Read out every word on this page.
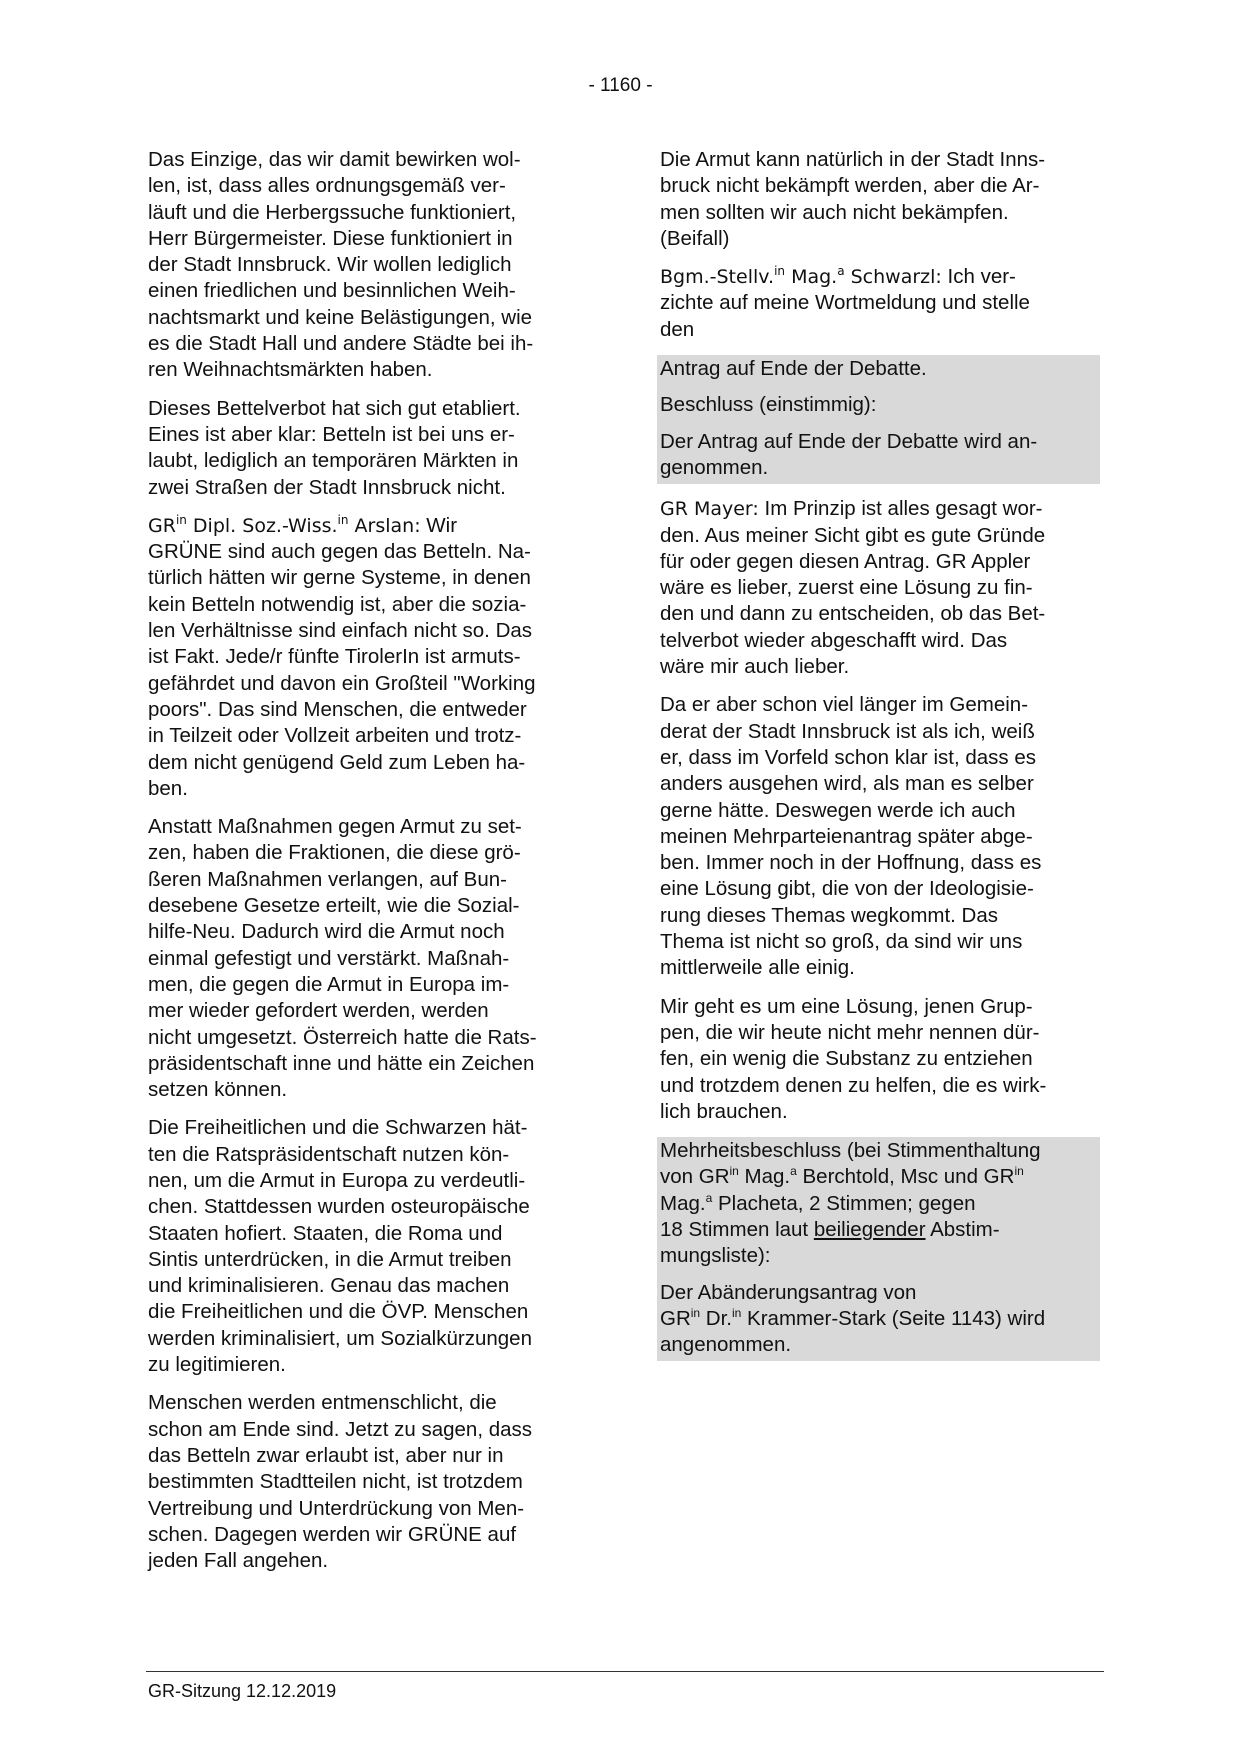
- 1160 -

Das Einzige, das wir damit bewirken wol-
len, ist, dass alles ordnungsgemäß ver-
läuft und die Herbergssuche funktioniert,
Herr Bürgermeister. Diese funktioniert in
der Stadt Innsbruck. Wir wollen lediglich
einen friedlichen und besinnlichen Weih-
nachtsmarkt und keine Belästigungen, wie
es die Stadt Hall und andere Städte bei ih-
ren Weihnachtsmärkten haben.

Dieses Bettelverbot hat sich gut etabliert.
Eines ist aber klar: Betteln ist bei uns er-
laubt, lediglich an temporären Märkten in
zwei Straßen der Stadt Innsbruck nicht.

$GR^{in}$ Dipl. Soz.-Wiss.$^{in}$ Arslan: Wir
GRÜNE sind auch gegen das Betteln. Na-
türlich hätten wir gerne Systeme, in denen
kein Betteln notwendig ist, aber die sozia-
len Verhältnisse sind einfach nicht so. Das
ist Fakt. Jede/r fünfte TirolerIn ist armuts-
gefährdet und davon ein Großteil "Working
poors". Das sind Menschen, die entweder
in Teilzeit oder Vollzeit arbeiten und trotz-
dem nicht genügend Geld zum Leben ha-
ben.

Anstatt Maßnahmen gegen Armut zu set-
zen, haben die Fraktionen, die diese grö-
ßeren Maßnahmen verlangen, auf Bun-
desebene Gesetze erteilt, wie die Sozial-
hilfe-Neu. Dadurch wird die Armut noch
einmal gefestigt und verstärkt. Maßnah-
men, die gegen die Armut in Europa im-
mer wieder gefordert werden, werden
nicht umgesetzt. Österreich hatte die Rats-
präsidentschaft inne und hätte ein Zeichen
setzen können.

Die Freiheitlichen und die Schwarzen hät-
ten die Ratspräsidentschaft nutzen kön-
nen, um die Armut in Europa zu verdeutli-
chen. Stattdessen wurden osteuropäische
Staaten hofiert. Staaten, die Roma und
Sintis unterdrücken, in die Armut treiben
und kriminalisieren. Genau das machen
die Freiheitlichen und die ÖVP. Menschen
werden kriminalisiert, um Sozialkürzungen
zu legitimieren.

Menschen werden entmenschlicht, die
schon am Ende sind. Jetzt zu sagen, dass
das Betteln zwar erlaubt ist, aber nur in
bestimmten Stadtteilen nicht, ist trotzdem
Vertreibung und Unterdrückung von Men-
schen. Dagegen werden wir GRÜNE auf
jeden Fall angehen.

Die Armut kann natürlich in der Stadt Inns-
bruck nicht bekämpft werden, aber die Ar-
men sollten wir auch nicht bekämpfen.
(Beifall)

Bgm.-Stellv.$^{in}$ Mag.$^a$ Schwarzl: Ich ver-
zichte auf meine Wortmeldung und stelle
den

Antrag auf Ende der Debatte.

Beschluss (einstimmig):

Der Antrag auf Ende der Debatte wird an-
genommen.

GR Mayer: Im Prinzip ist alles gesagt wor-
den. Aus meiner Sicht gibt es gute Gründe
für oder gegen diesen Antrag. GR Appler
wäre es lieber, zuerst eine Lösung zu fin-
den und dann zu entscheiden, ob das Bet-
telverbot wieder abgeschafft wird. Das
wäre mir auch lieber.

Da er aber schon viel länger im Gemein-
derat der Stadt Innsbruck ist als ich, weiß
er, dass im Vorfeld schon klar ist, dass es
anders ausgehen wird, als man es selber
gerne hätte. Deswegen werde ich auch
meinen Mehrparteienantrag später abge-
ben. Immer noch in der Hoffnung, dass es
eine Lösung gibt, die von der Ideologisie-
rung dieses Themas wegkommt. Das
Thema ist nicht so groß, da sind wir uns
mittlerweile alle einig.

Mir geht es um eine Lösung, jenen Grup-
pen, die wir heute nicht mehr nennen dür-
fen, ein wenig die Substanz zu entziehen
und trotzdem denen zu helfen, die es wirk-
lich brauchen.

Mehrheitsbeschluss (bei Stimmenthaltung
von $GR^{in}$ Mag.$^a$ Berchtold, Msc und $GR^{in}$
Mag.$^a$ Placheta, 2 Stimmen; gegen
18 Stimmen laut beiliegender Abstim-
mungsliste):

Der Abänderungsantrag von
$GR^{in}$ Dr.$^{in}$ Krammer-Stark (Seite 1143) wird
angenommen.

GR-Sitzung 12.12.2019
